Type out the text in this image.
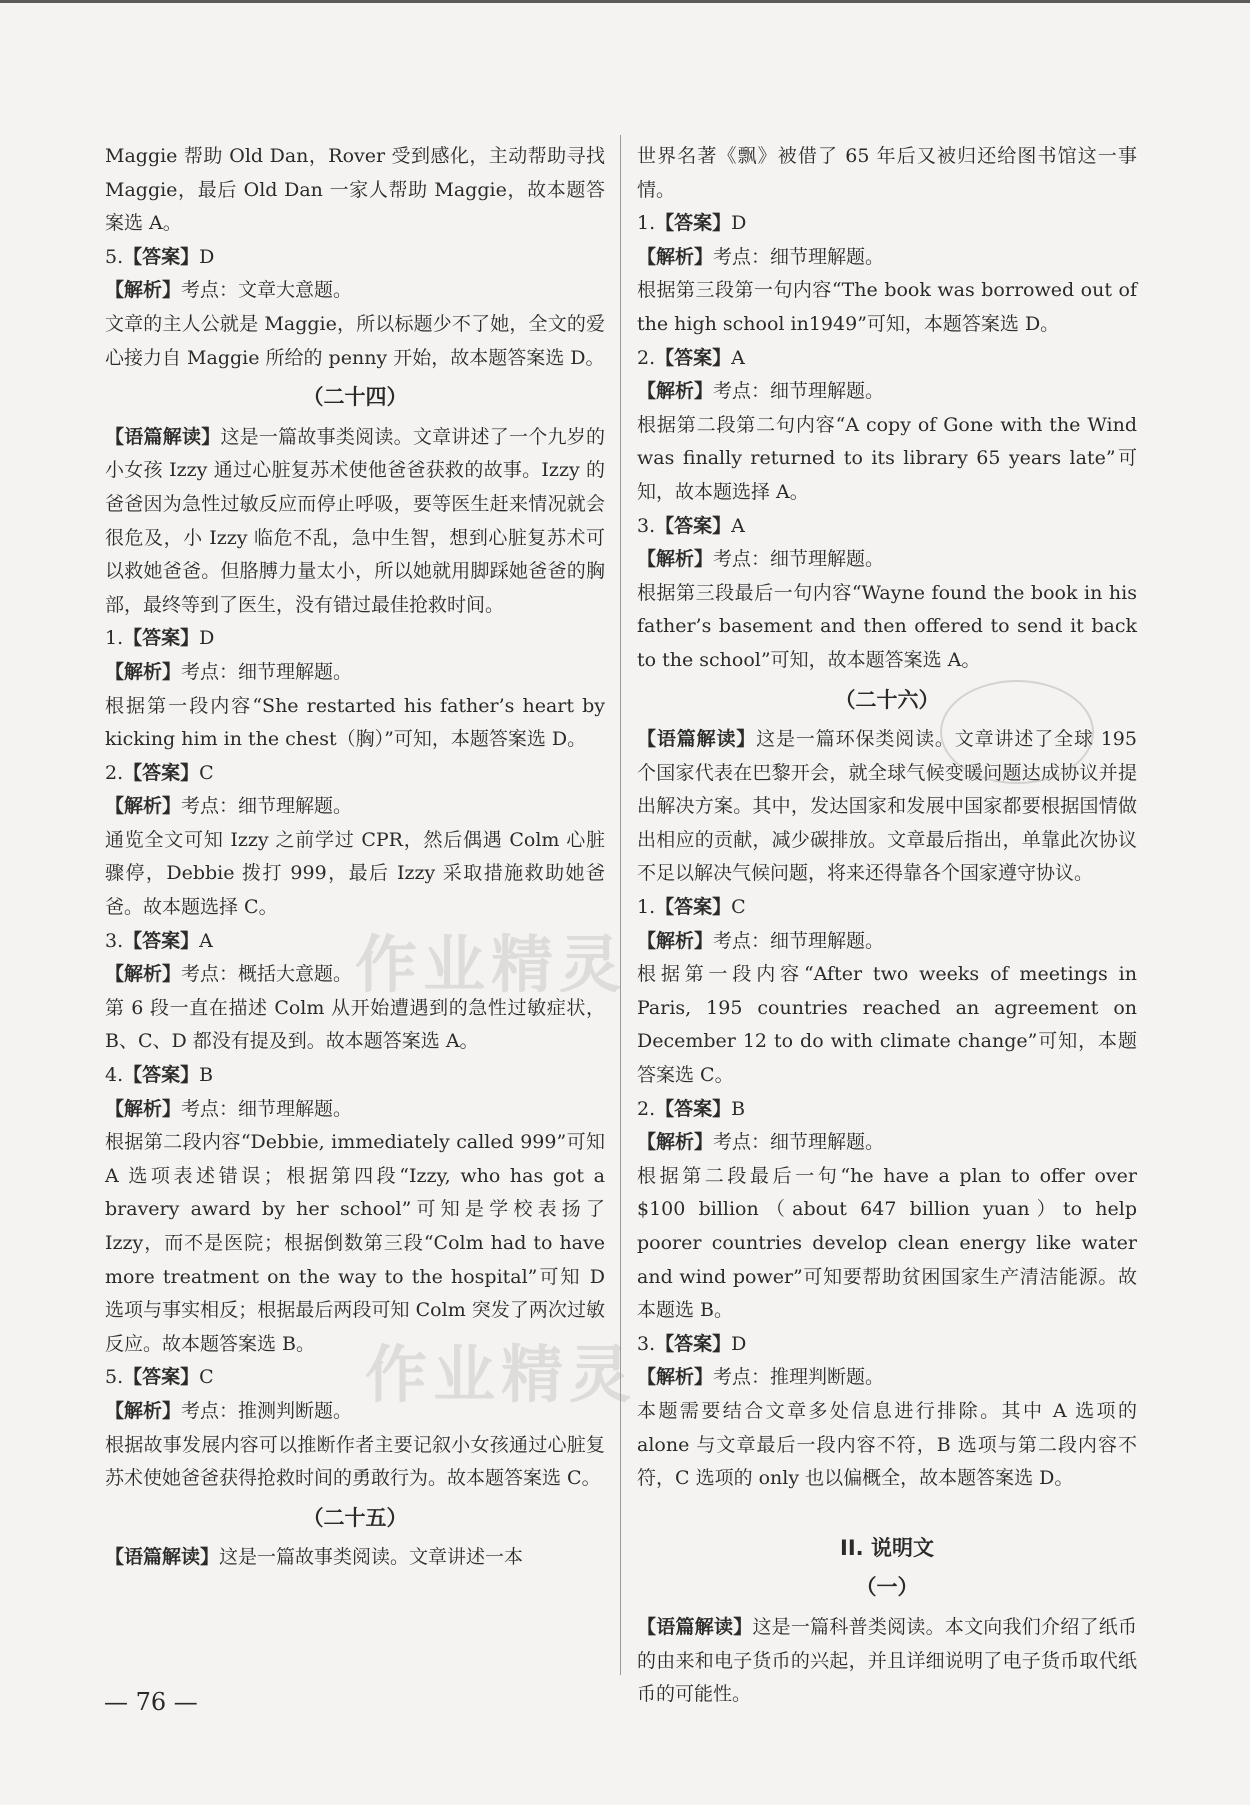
Maggie 帮助 Old Dan，Rover 受到感化，主动帮助寻找 Maggie，最后 Old Dan 一家人帮助 Maggie，故本题答案选 A。

5.【答案】D

【解析】考点：文章大意题。

文章的主人公就是 Maggie，所以标题少不了她，全文的爱心接力自 Maggie 所给的 penny 开始，故本题答案选 D。

（二十四）

【语篇解读】这是一篇故事类阅读。文章讲述了一个九岁的小女孩 Izzy 通过心脏复苏术使他爸爸获救的故事。Izzy 的爸爸因为急性过敏反应而停止呼吸，要等医生赶来情况就会很危及，小 Izzy 临危不乱，急中生智，想到心脏复苏术可以救她爸爸。但胳膊力量太小，所以她就用脚踩她爸爸的胸部，最终等到了医生，没有错过最佳抢救时间。

1.【答案】D

【解析】考点：细节理解题。

根据第一段内容“She restarted his father’s heart by kicking him in the chest（胸）”可知，本题答案选 D。

2.【答案】C

【解析】考点：细节理解题。

通览全文可知 Izzy 之前学过 CPR，然后偶遇 Colm 心脏骤停，Debbie 拨打 999，最后 Izzy 采取措施救助她爸爸。故本题选择 C。

3.【答案】A

【解析】考点：概括大意题。

第 6 段一直在描述 Colm 从开始遭遇到的急性过敏症状，B、C、D 都没有提及到。故本题答案选 A。

4.【答案】B

【解析】考点：细节理解题。

根据第二段内容“Debbie, immediately called 999”可知 A 选项表述错误；根据第四段“Izzy, who has got a bravery award by her school”可知是学校表扬了 Izzy，而不是医院；根据倒数第三段“Colm had to have more treatment on the way to the hospital”可知 D 选项与事实相反；根据最后两段可知 Colm 突发了两次过敏反应。故本题答案选 B。

5.【答案】C

【解析】考点：推测判断题。

根据故事发展内容可以推断作者主要记叙小女孩通过心脏复苏术使她爸爸获得抢救时间的勇敢行为。故本题答案选 C。

（二十五）

【语篇解读】这是一篇故事类阅读。文章讲述一本

世界名著《飘》被借了 65 年后又被归还给图书馆这一事情。

1.【答案】D

【解析】考点：细节理解题。

根据第三段第一句内容“The book was borrowed out of the high school in1949”可知，本题答案选 D。

2.【答案】A

【解析】考点：细节理解题。

根据第二段第二句内容“A copy of Gone with the Wind was finally returned to its library 65 years late”可知，故本题选择 A。

3.【答案】A

【解析】考点：细节理解题。

根据第三段最后一句内容“Wayne found the book in his father’s basement and then offered to send it back to the school”可知，故本题答案选 A。

（二十六）

【语篇解读】这是一篇环保类阅读。文章讲述了全球 195 个国家代表在巴黎开会，就全球气候变暖问题达成协议并提出解决方案。其中，发达国家和发展中国家都要根据国情做出相应的贡献，减少碳排放。文章最后指出，单靠此次协议不足以解决气候问题，将来还得靠各个国家遵守协议。

1.【答案】C

【解析】考点：细节理解题。

根据第一段内容“After two weeks of meetings in Paris, 195 countries reached an agreement on December 12 to do with climate change”可知，本题答案选 C。

2.【答案】B

【解析】考点：细节理解题。

根据第二段最后一句“he have a plan to offer over $100 billion（about 647 billion yuan）to help poorer countries develop clean energy like water and wind power”可知要帮助贫困国家生产清洁能源。故本题选 B。

3.【答案】D

【解析】考点：推理判断题。

本题需要结合文章多处信息进行排除。其中 A 选项的 alone 与文章最后一段内容不符，B 选项与第二段内容不符，C 选项的 only 也以偏概全，故本题答案选 D。

II. 说明文
（一）

【语篇解读】这是一篇科普类阅读。本文向我们介绍了纸币的由来和电子货币的兴起，并且详细说明了电子货币取代纸币的可能性。

作业精灵
作业精灵
— 76 —
